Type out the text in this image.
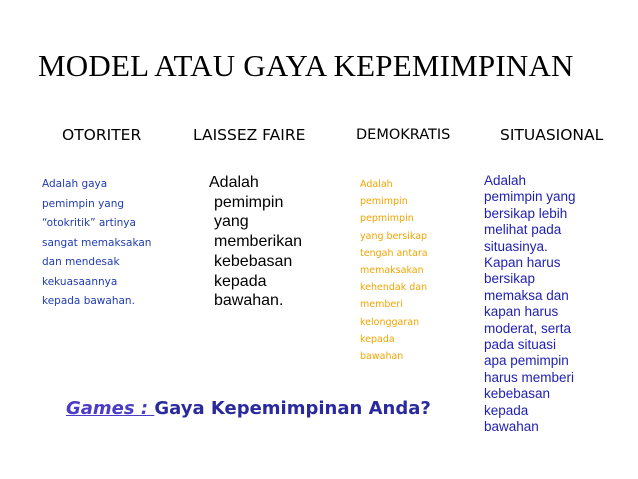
MODEL ATAU GAYA KEPEMIMPINAN
OTORITER	LAISSEZ FAIRE	DEMOKRATIS	SITUASIONAL
Adalah gaya
pemimpin yang
“otokritik” artinya
sangat memaksakan
dan mendesak
kekuasaannya
kepada bawahan.
Adalah
pemimpin
yang
memberikan
kebebasan
kepada
bawahan.
Adalah
pemimpin
pepmimpin
yang bersikap
tengah antara
memaksakan
kehendak dan
memberi
kelonggaran
kepada
bawahan
Adalah
pemimpin yang
bersikap lebih
melihat pada
situasinya.
Kapan harus
bersikap
memaksa dan
kapan harus
moderat, serta
pada situasi
apa pemimpin
harus memberi
kebebasan
kepada
bawahan
Games : Gaya Kepemimpinan Anda?
